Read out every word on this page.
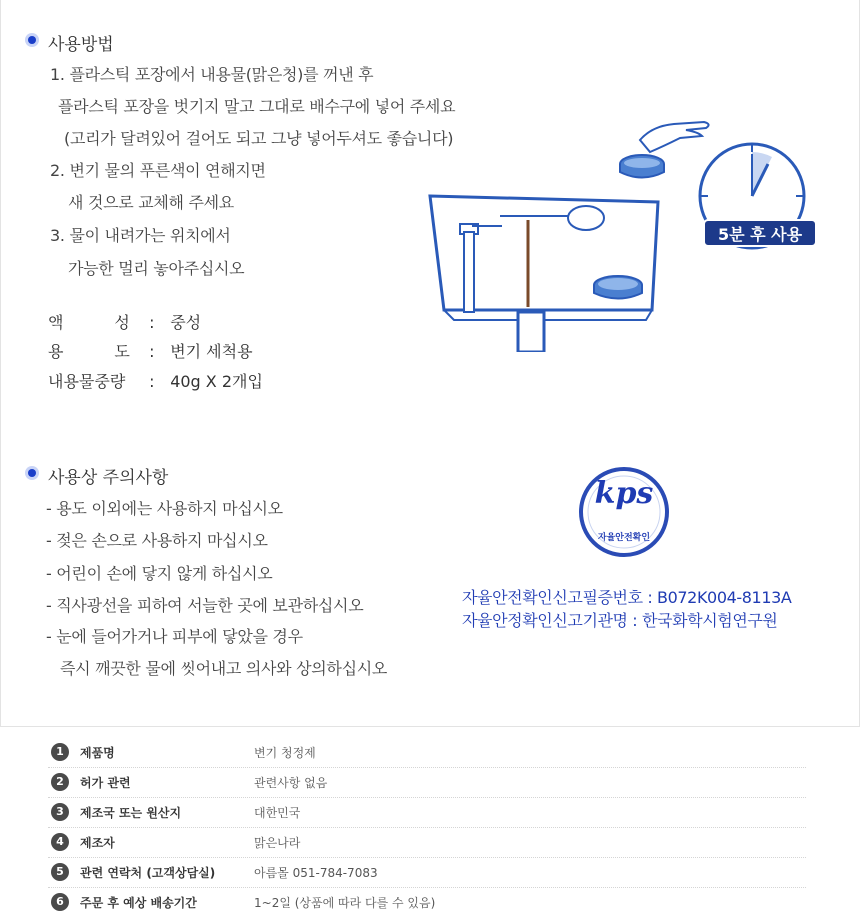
사용방법
1. 플라스틱 포장에서 내용물(맑은청)를 꺼낸 후
플라스틱 포장을 벗기지 말고 그대로 배수구에 넣어 주세요
(고리가 달려있어 걸어도 되고 그냥 넣어두셔도 좋습니다)
2. 변기 물의 푸른색이 연해지면
새 것으로 교체해 주세요
3. 물이 내려가는 위치에서
가능한 멀리 놓아주십시오
액          성 : 중성
용          도 : 변기 세척용
내용물중량 : 40g X 2개입
5분 후 사용
사용상 주의사항
- 용도 이외에는 사용하지 마십시오
- 젖은 손으로 사용하지 마십시오
- 어린이 손에 닿지 않게 하십시오
- 직사광선을 피하여 서늘한 곳에 보관하십시오
- 눈에 들어가거나 피부에 닿았을 경우
즉시 깨끗한 물에 씻어내고 의사와 상의하십시오
kps
자율안전확인
자율안전확인신고필증번호 : B072K004-8113A
자율안정확인신고기관명 : 한국화학시험연구원
1	제품명	변기 청정제
2	허가 관련	관련사항 없음
3	제조국 또는 원산지	대한민국
4	제조자	맑은나라
5	관련 연락처 (고객상담실)	아름몰 051-784-7083
6	주문 후 예상 배송기간	1~2일 (상품에 따라 다를 수 있음)
